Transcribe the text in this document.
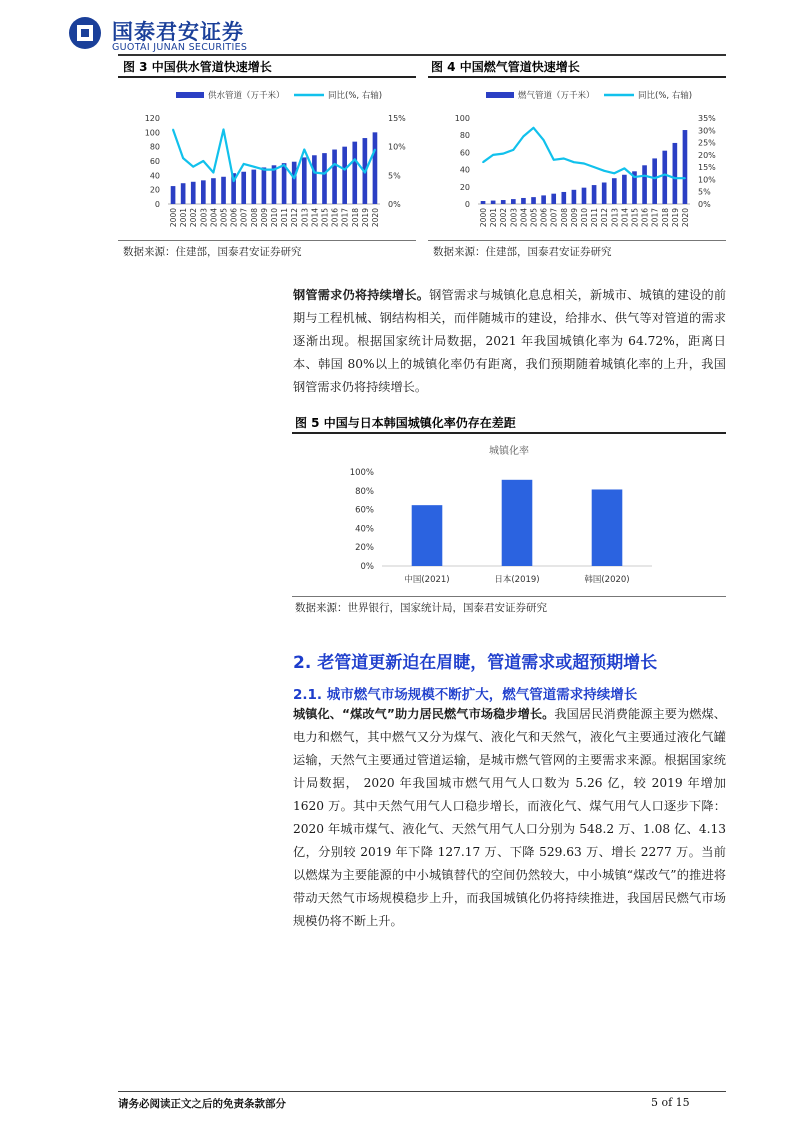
国泰君安证券
GUOTAI JUNAN SECURITIES
图 3 中国供水管道快速增长
供水管道（万千米）	同比(%, 右轴)
0
20
40
60
80
100
120
0%
5%
10%
15%
2000 2001 2002 2003 2004 2005 2006 2007 2008 2009 2010 2011 2012 2013 2014 2015 2016 2017 2018 2019 2020
数据来源：住建部，国泰君安证券研究
图 4 中国燃气管道快速增长
燃气管道（万千米）	同比(%, 右轴)
0
20
40
60
80
100
0%
5%
10%
15%
20%
25%
30%
35%
2000 2001 2002 2003 2004 2005 2006 2007 2008 2009 2010 2011 2012 2013 2014 2015 2016 2017 2018 2019 2020
数据来源：住建部，国泰君安证券研究
钢管需求仍将持续增长。钢管需求与城镇化息息相关，新城市、城镇的建设的前期与工程机械、钢结构相关，而伴随城市的建设，给排水、供气等对管道的需求逐渐出现。根据国家统计局数据，2021 年我国城镇化率为 64.72%，距离日本、韩国 80%以上的城镇化率仍有距离，我们预期随着城镇化率的上升，我国钢管需求仍将持续增长。
图 5 中国与日本韩国城镇化率仍存在差距
城镇化率
0%
20%
40%
60%
80%
100%
中国(2021)	日本(2019)	韩国(2020)
数据来源：世界银行，国家统计局，国泰君安证券研究
2. 老管道更新迫在眉睫，管道需求或超预期增长
2.1. 城市燃气市场规模不断扩大，燃气管道需求持续增长
城镇化、“煤改气”助力居民燃气市场稳步增长。我国居民消费能源主要为燃煤、电力和燃气，其中燃气又分为煤气、液化气和天然气，液化气主要通过液化气罐运输，天然气主要通过管道运输，是城市燃气管网的主要需求来源。根据国家统计局数据， 2020 年我国城市燃气用气人口数为 5.26 亿，较 2019 年增加 1620 万。其中天然气用气人口稳步增长，而液化气、煤气用气人口逐步下降：2020 年城市煤气、液化气、天然气用气人口分别为 548.2 万、1.08 亿、4.13 亿，分别较 2019 年下降 127.17 万、下降 529.63 万、增长 2277 万。当前以燃煤为主要能源的中小城镇替代的空间仍然较大，中小城镇“煤改气”的推进将带动天然气市场规模稳步上升，而我国城镇化仍将持续推进，我国居民燃气市场规模仍将不断上升。
请务必阅读正文之后的免责条款部分	5 of 15
